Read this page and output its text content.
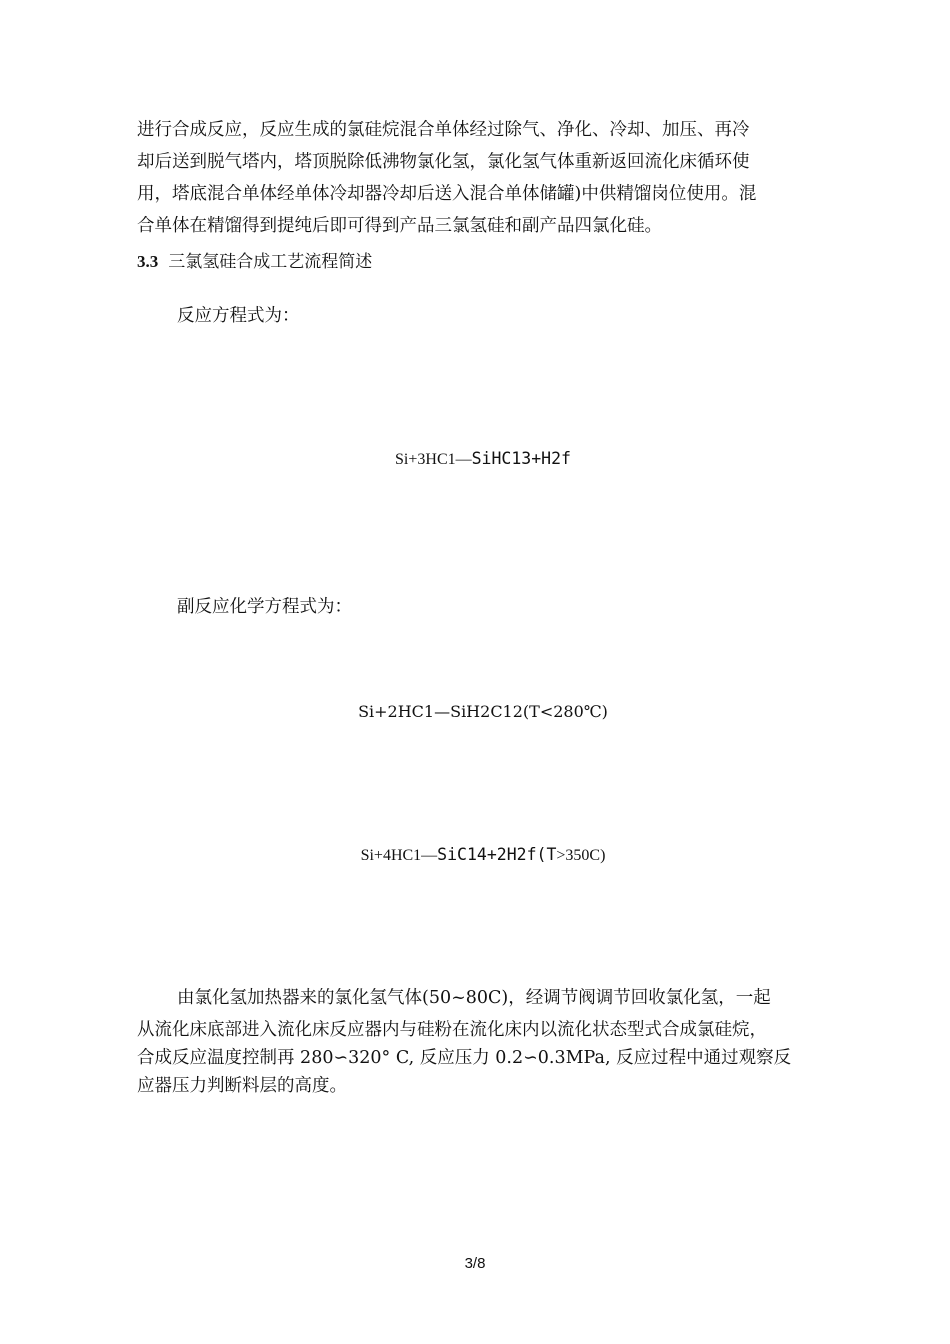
进行合成反应，反应生成的氯硅烷混合单体经过除气、净化、冷却、加压、再冷
却后送到脱气塔内，塔顶脱除低沸物氯化氢，氯化氢气体重新返回流化床循环使
用，塔底混合单体经单体冷却器冷却后送入混合单体储罐)中供精馏岗位使用。混
合单体在精馏得到提纯后即可得到产品三氯氢硅和副产品四氯化硅。

3.3 三氯氢硅合成工艺流程简述

反应方程式为：

Si+3HC1—SiHC13+H2f

副反应化学方程式为：

Si+2HC1—SiH2C12(T<280℃)

Si+4HC1—SiC14+2H2f(T>350C)

由氯化氢加热器来的氯化氢气体(50~80C)，经调节阀调节回收氯化氢，一起
从流化床底部进入流化床反应器内与硅粉在流化床内以流化状态型式合成氯硅烷，
合成反应温度控制再 280∽320° C, 反应压力 0.2∽0.3MPa, 反应过程中通过观察反
应器压力判断料层的高度。

3/8
